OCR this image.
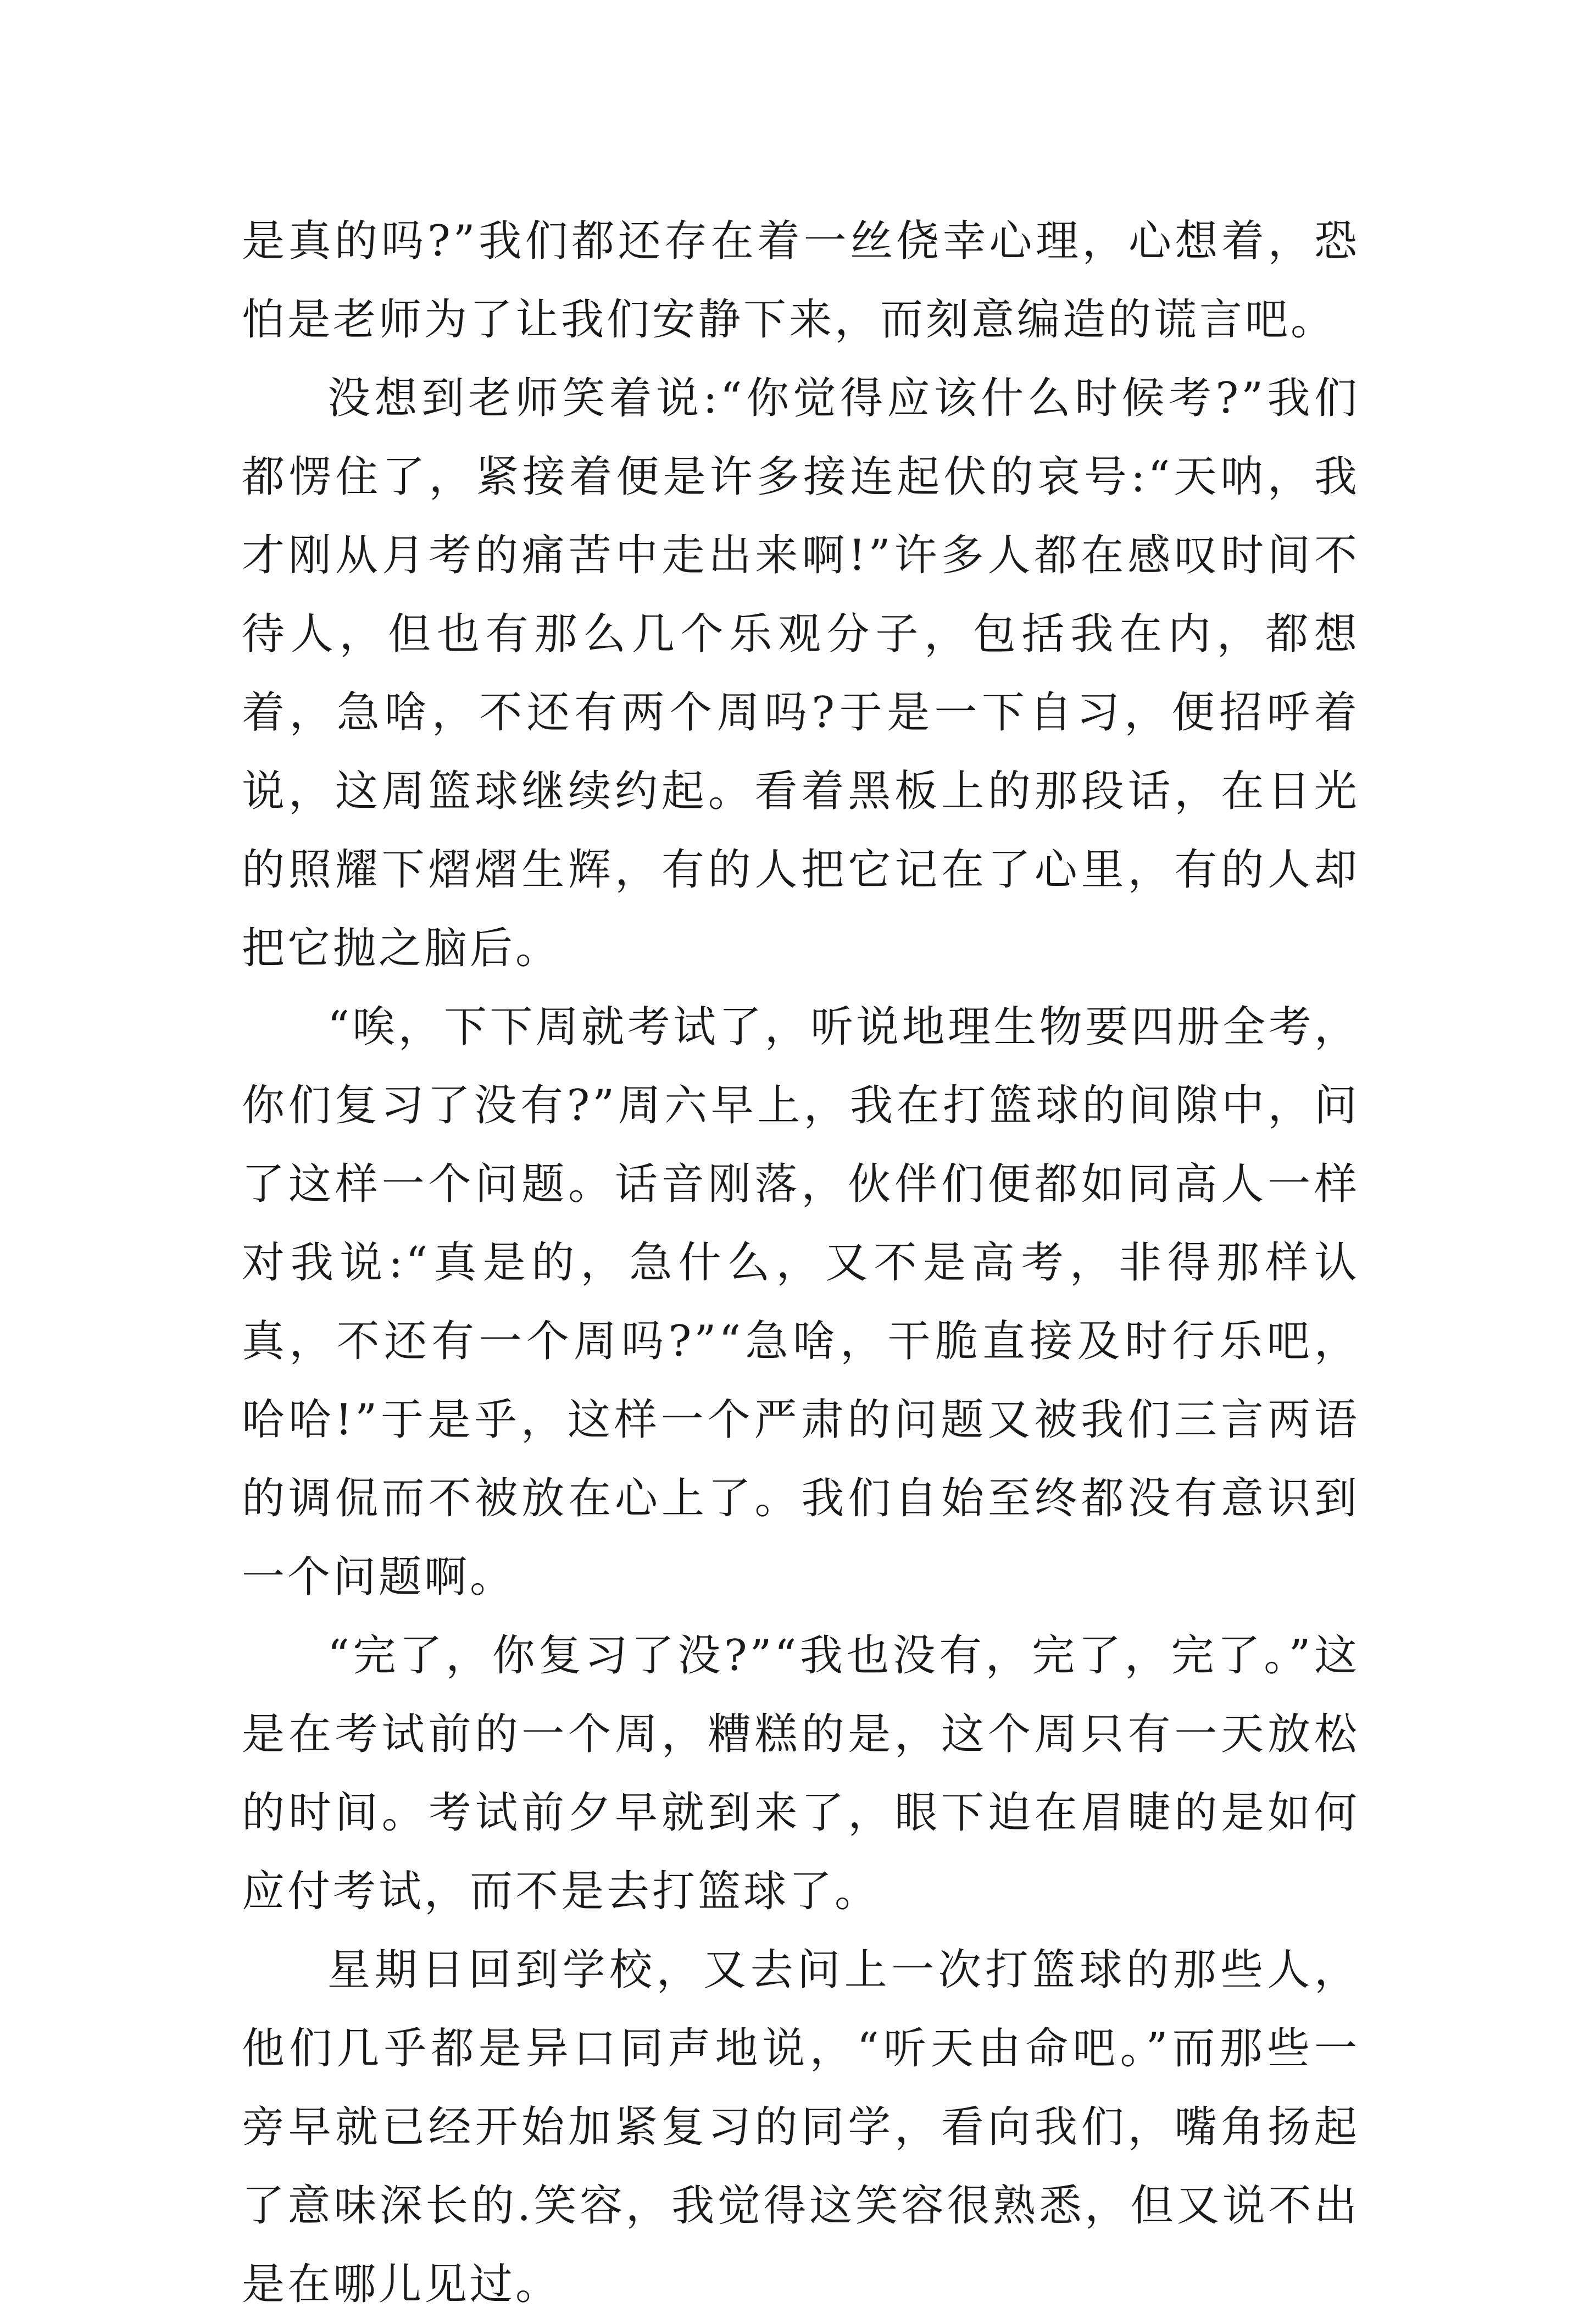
是真的吗?”我们都还存在着一丝侥幸心理，心想着，恐怕是老师为了让我们安静下来，而刻意编造的谎言吧。

没想到老师笑着说:“你觉得应该什么时候考?”我们都愣住了，紧接着便是许多接连起伏的哀号:“天呐，我才刚从月考的痛苦中走出来啊!”许多人都在感叹时间不待人，但也有那么几个乐观分子，包括我在内，都想着，急啥，不还有两个周吗?于是一下自习，便招呼着说，这周篮球继续约起。看着黑板上的那段话，在日光的照耀下熠熠生辉，有的人把它记在了心里，有的人却把它抛之脑后。

“唉，下下周就考试了，听说地理生物要四册全考，你们复习了没有?”周六早上，我在打篮球的间隙中，问了这样一个问题。话音刚落，伙伴们便都如同高人一样对我说:“真是的，急什么，又不是高考，非得那样认真，不还有一个周吗?”“急啥，干脆直接及时行乐吧，哈哈!”于是乎，这样一个严肃的问题又被我们三言两语的调侃而不被放在心上了。我们自始至终都没有意识到一个问题啊。

“完了，你复习了没?”“我也没有，完了，完了。”这是在考试前的一个周，糟糕的是，这个周只有一天放松的时间。考试前夕早就到来了，眼下迫在眉睫的是如何应付考试，而不是去打篮球了。

星期日回到学校，又去问上一次打篮球的那些人，他们几乎都是异口同声地说，“听天由命吧。”而那些一旁早就已经开始加紧复习的同学，看向我们，嘴角扬起了意味深长的.笑容，我觉得这笑容很熟悉，但又说不出是在哪儿见过。
